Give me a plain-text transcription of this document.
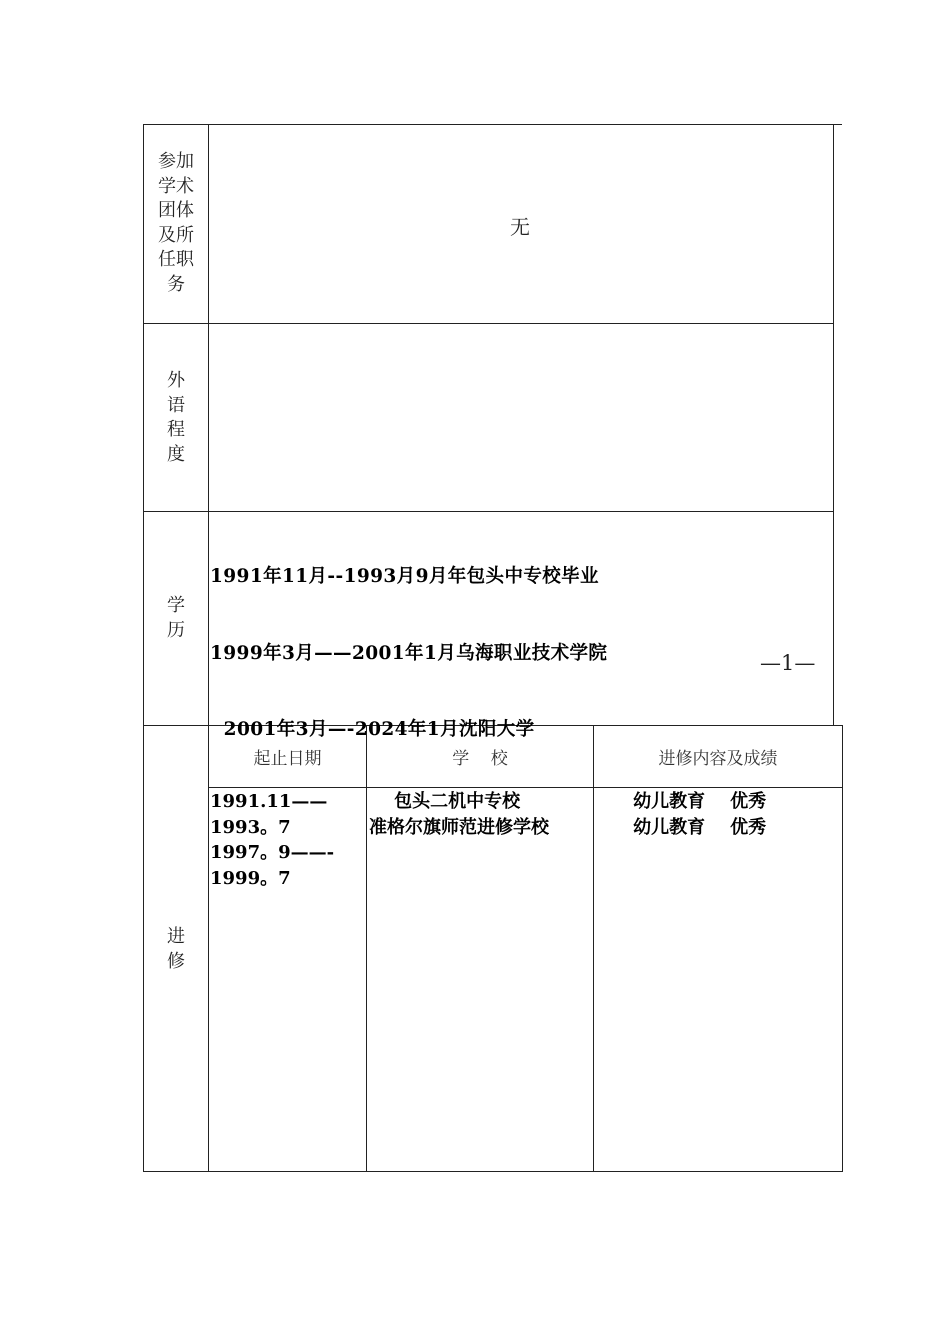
参加
学术
团体
及所
任职
务
无
外
语
程
度
学
历

1991年11月--1993月9月年包头中专校毕业

1999年3月——2001年1月乌海职业技术学院

2001年3月—-2024年1月沈阳大学

—1—
进
修
起止日期	学    校	进修内容及成绩
1991.11——
1993。7
1997。9——-
1999。7
包头二机中专校
准格尔旗师范进修学校
幼儿教育    优秀
幼儿教育    优秀
